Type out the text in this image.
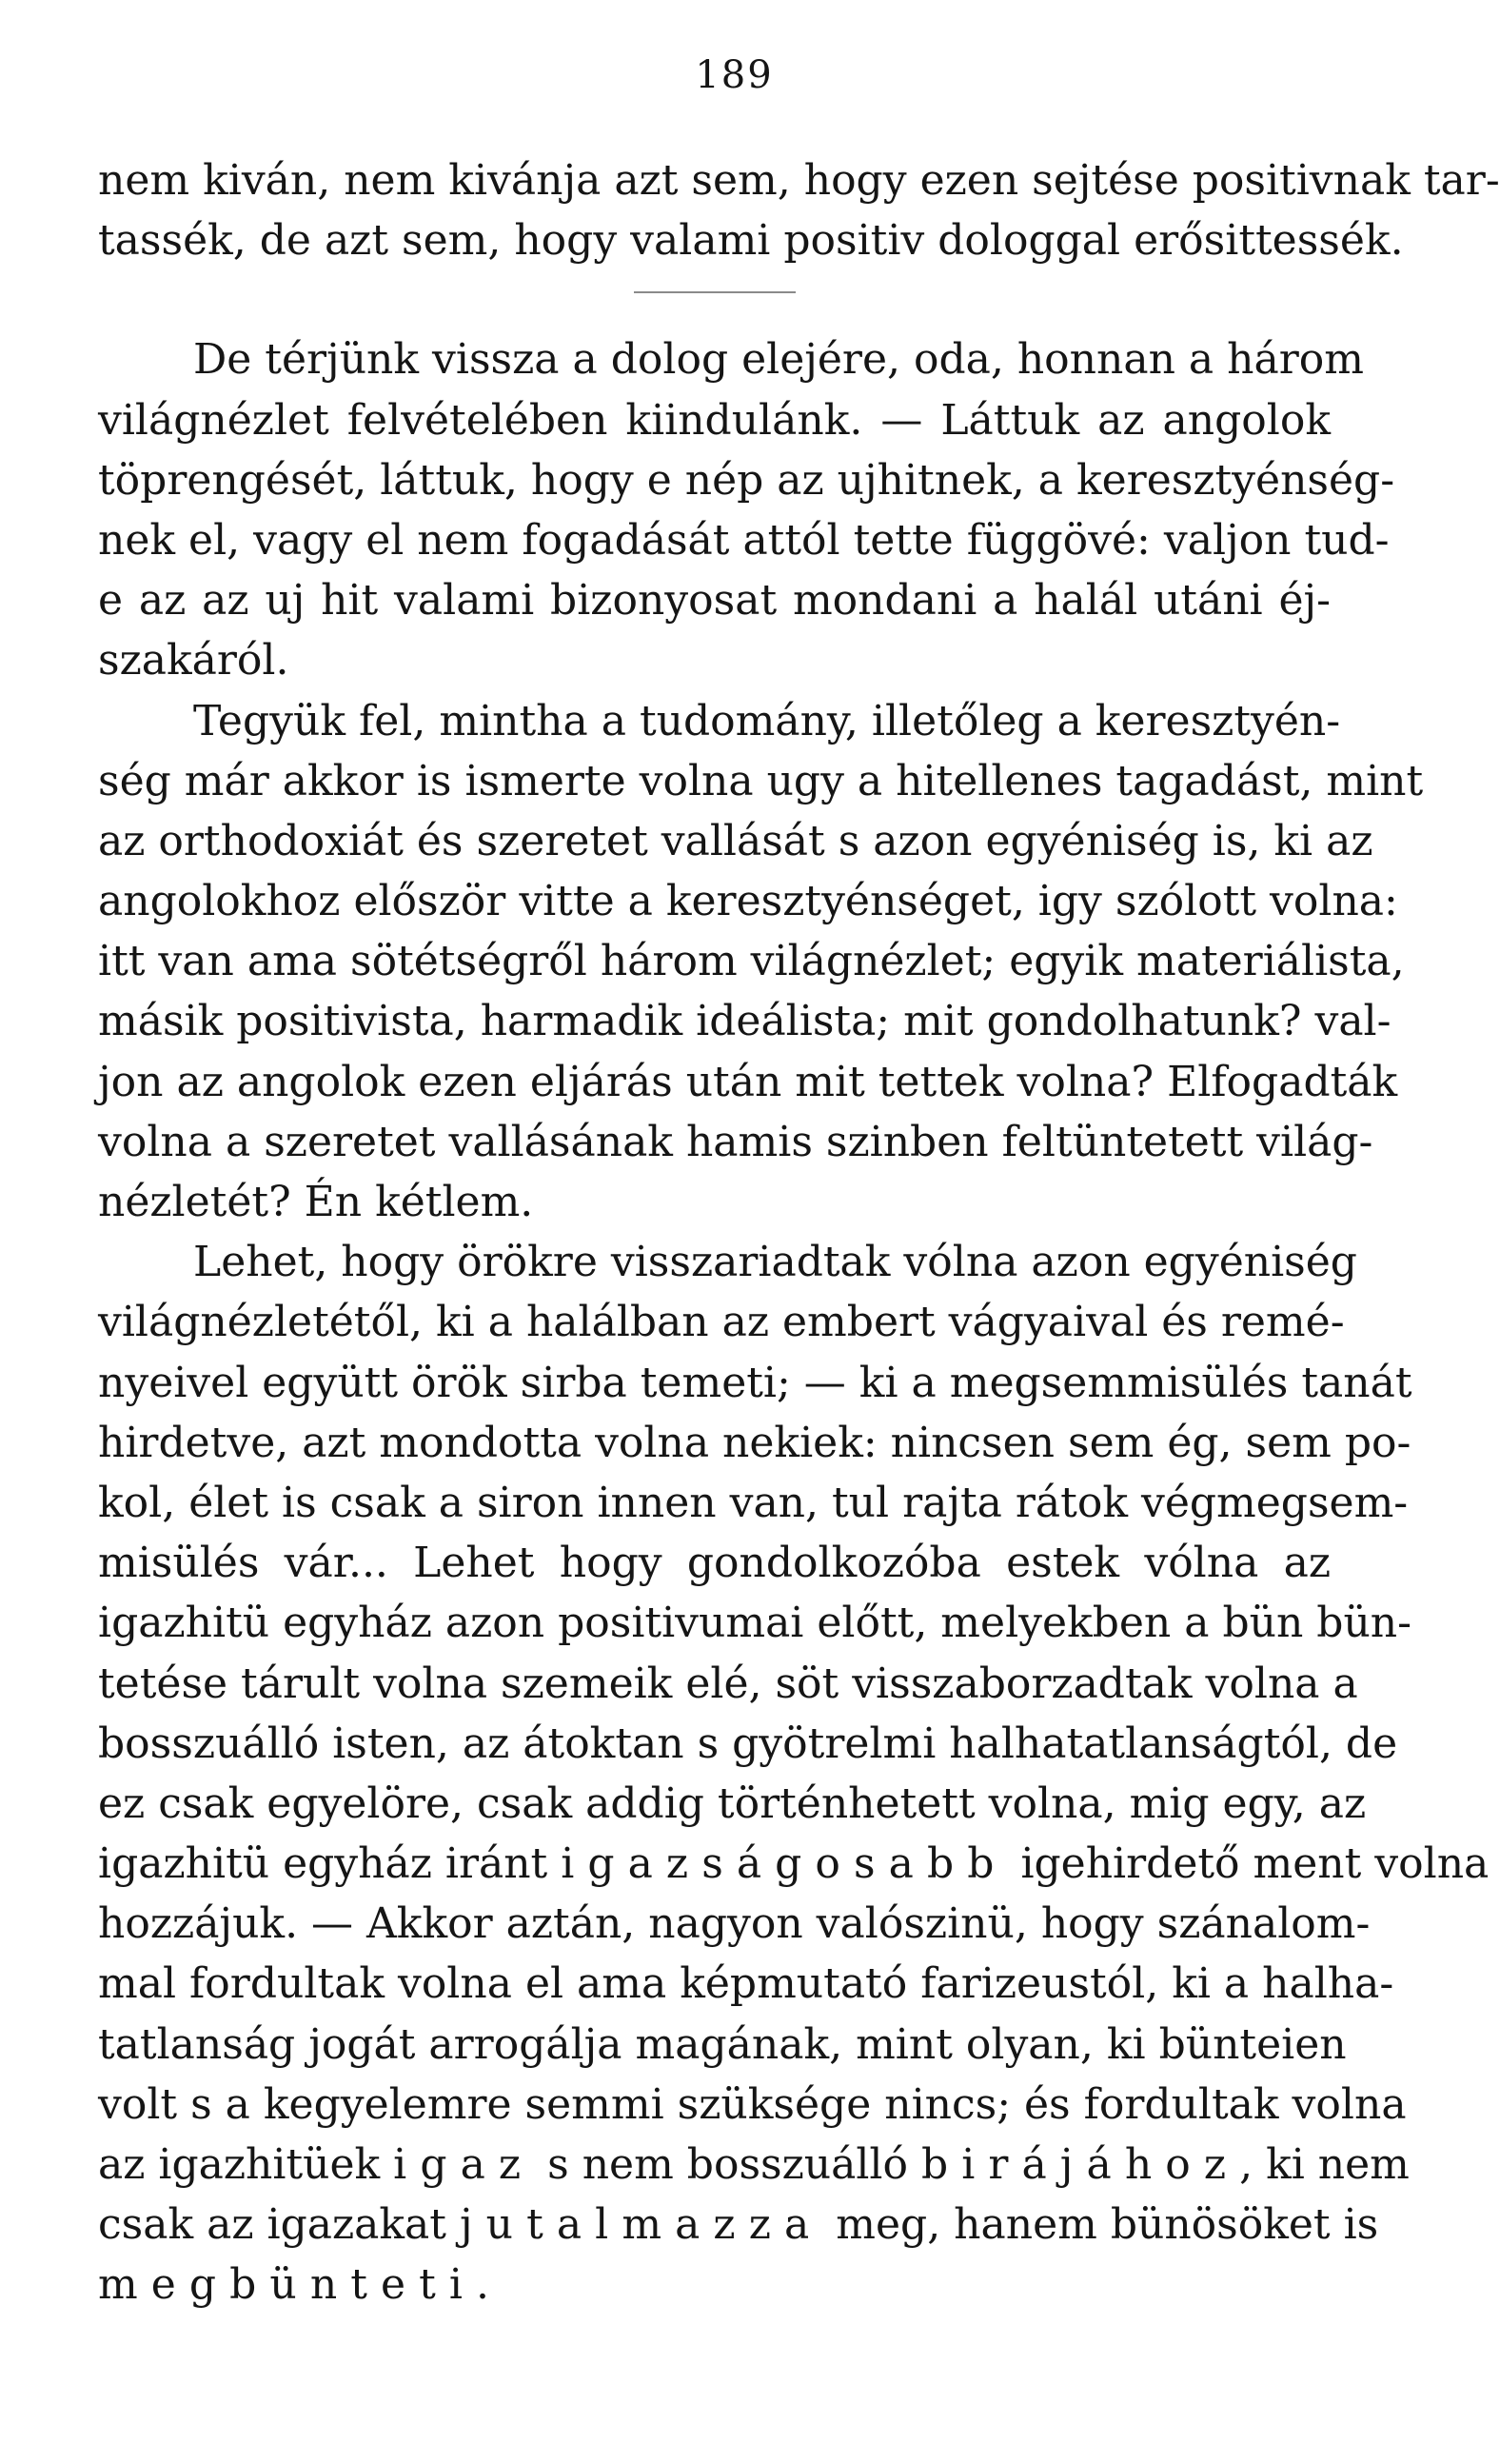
189
nem kiván, nem kivánja azt sem, hogy ezen sejtése positivnak tar-
tassék, de azt sem, hogy valami positiv dologgal erősittessék.
De térjünk vissza a dolog elejére, oda, honnan a három
világnézlet felvételében kiindulánk. — Láttuk az angolok
töprengését, láttuk, hogy e nép az ujhitnek, a keresztyénség-
nek el, vagy el nem fogadását attól tette függövé: valjon tud-
e az az uj hit valami bizonyosat mondani a halál utáni éj-
szakáról.
Tegyük fel, mintha a tudomány, illetőleg a keresztyén-
ség már akkor is ismerte volna ugy a hitellenes tagadást, mint
az orthodoxiát és szeretet vallását s azon egyéniség is, ki az
angolokhoz először vitte a keresztyénséget, igy szólott volna:
itt van ama sötétségről három világnézlet; egyik materiálista,
másik positivista, harmadik ideálista; mit gondolhatunk? val-
jon az angolok ezen eljárás után mit tettek volna? Elfogadták
volna a szeretet vallásának hamis szinben feltüntetett világ-
nézletét? Én kétlem.
Lehet, hogy örökre visszariadtak vólna azon egyéniség
világnézletétől, ki a halálban az embert vágyaival és remé-
nyeivel együtt örök sirba temeti; — ki a megsemmisülés tanát
hirdetve, azt mondotta volna nekiek: nincsen sem ég, sem po-
kol, élet is csak a siron innen van, tul rajta rátok végmegsem-
misülés vár... Lehet hogy gondolkozóba estek vólna az
igazhitü egyház azon positivumai előtt, melyekben a bün bün-
tetése tárult volna szemeik elé, söt visszaborzadtak volna a
bosszuálló isten, az átoktan s gyötrelmi halhatatlanságtól, de
ez csak egyelöre, csak addig történhetett volna, mig egy, az
igazhitü egyház iránt igazságosabb igehirdető ment volna
hozzájuk. — Akkor aztán, nagyon valószinü, hogy szánalom-
mal fordultak volna el ama képmutató farizeustól, ki a halha-
tatlanság jogát arrogálja magának, mint olyan, ki bünteien
volt s a kegyelemre semmi szüksége nincs; és fordultak volna
az igazhitüek igaz s nem bosszuálló birájához, ki nem
csak az igazakat jutalmazza meg, hanem bünösöket is
megbünteti.
